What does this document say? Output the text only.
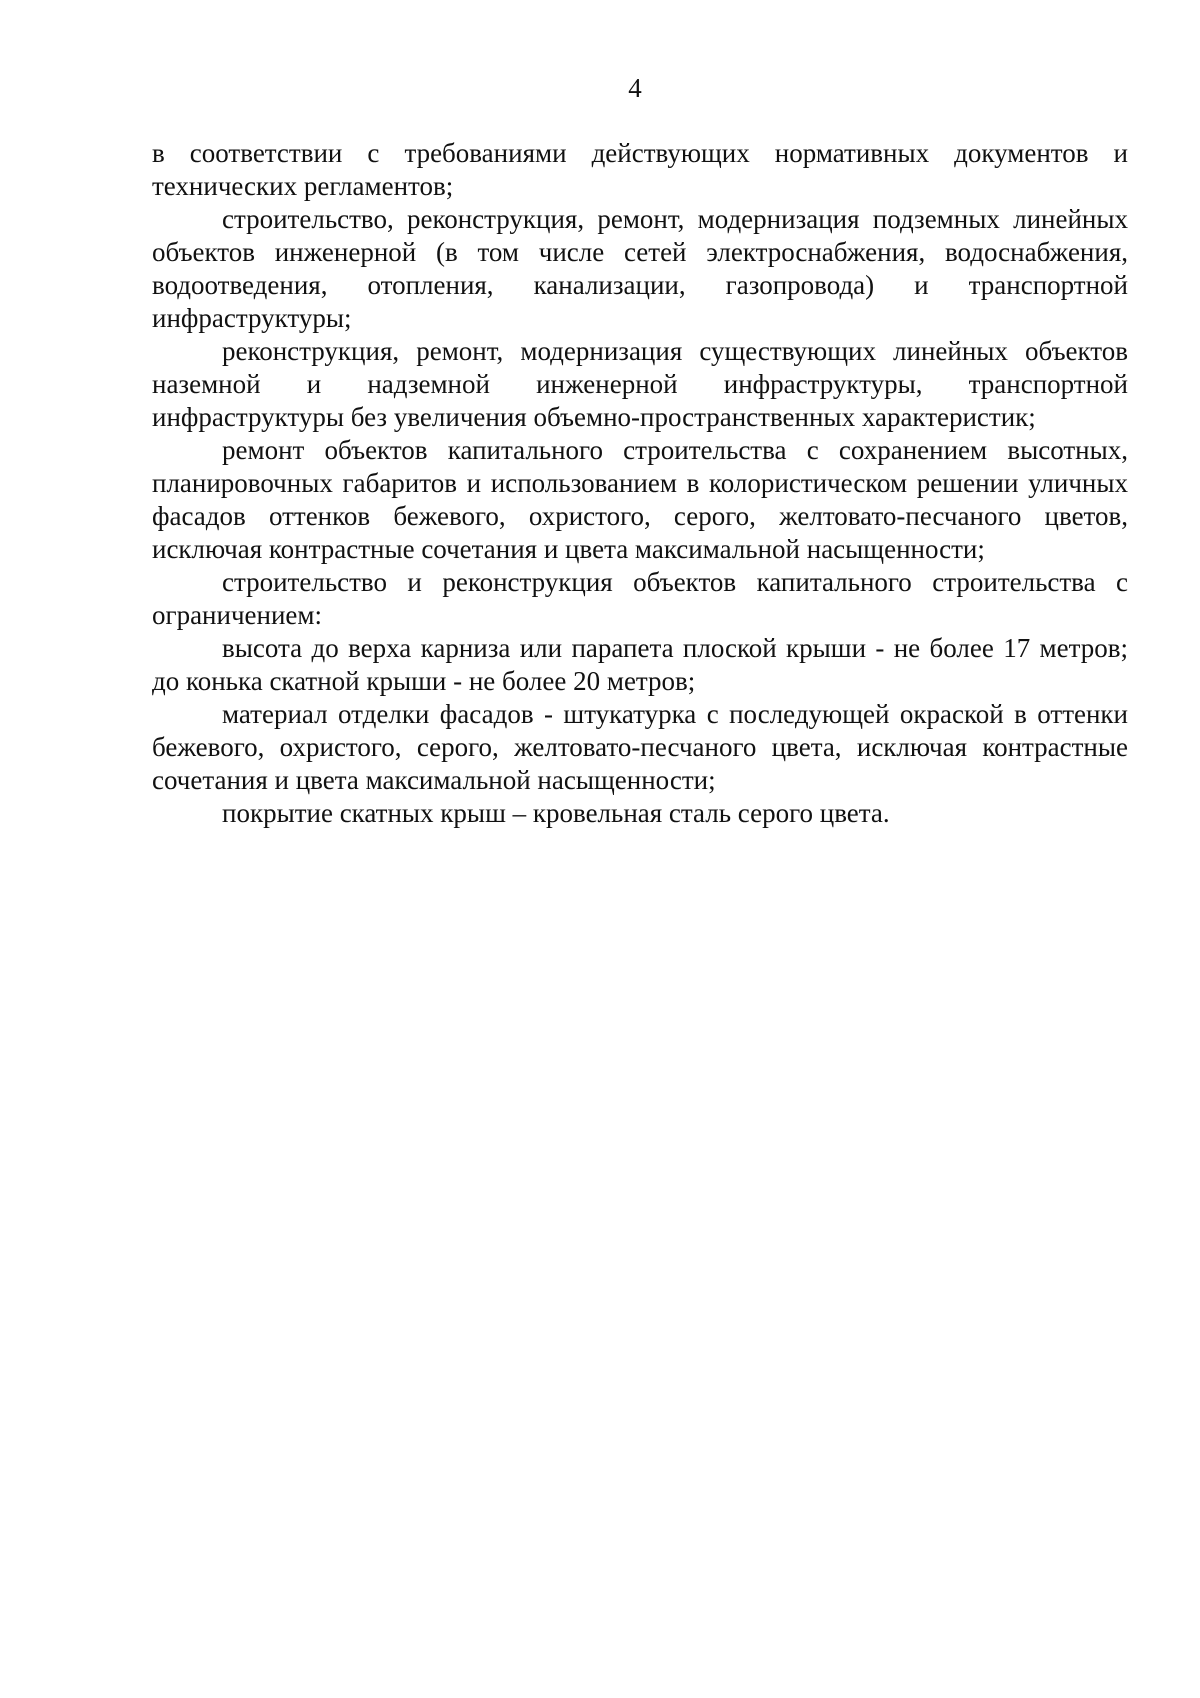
4

в соответствии с требованиями действующих нормативных документов и технических регламентов;

строительство, реконструкция, ремонт, модернизация подземных линейных объектов инженерной (в том числе сетей электроснабжения, водоснабжения, водоотведения, отопления, канализации, газопровода) и транспортной инфраструктуры;

реконструкция, ремонт, модернизация существующих линейных объектов наземной и надземной инженерной инфраструктуры, транспортной инфраструктуры без увеличения объемно-пространственных характеристик;

ремонт объектов капитального строительства с сохранением высотных, планировочных габаритов и использованием в колористическом решении уличных фасадов оттенков бежевого, охристого, серого, желтовато-песчаного цветов, исключая контрастные сочетания и цвета максимальной насыщенности;

строительство и реконструкция объектов капитального строительства с ограничением:

высота до верха карниза или парапета плоской крыши - не более 17 метров; до конька скатной крыши - не более 20 метров;

материал отделки фасадов - штукатурка с последующей окраской в оттенки бежевого, охристого, серого, желтовато-песчаного цвета, исключая контрастные сочетания и цвета максимальной насыщенности;

покрытие скатных крыш – кровельная сталь серого цвета.
